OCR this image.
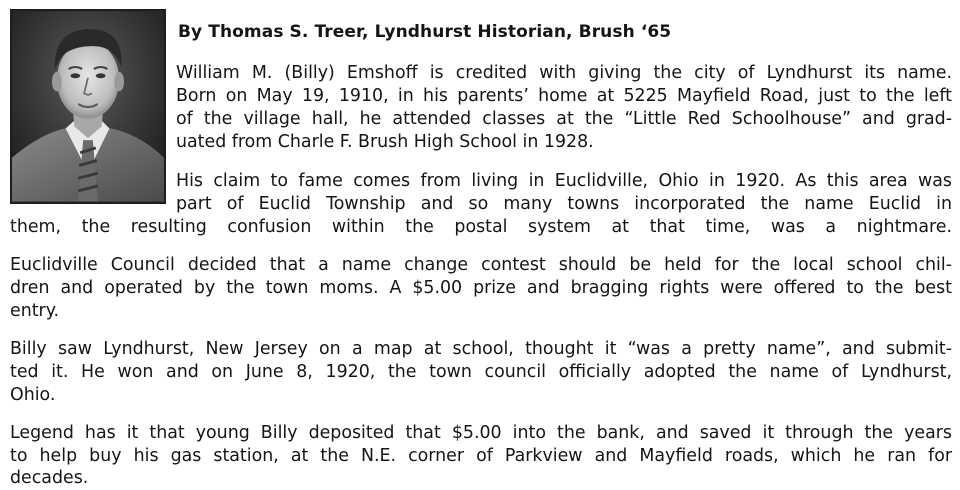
By Thomas S. Treer, Lyndhurst Historian, Brush ‘65
William M. (Billy) Emshoff is credited with giving the city of Lyndhurst its name.
Born on May 19, 1910, in his parents’ home at 5225 Mayfield Road, just to the left
of the village hall, he attended classes at the “Little Red Schoolhouse” and grad-
uated from Charle F. Brush High School in 1928.
His claim to fame comes from living in Euclidville, Ohio in 1920. As this area was
part of Euclid Township and so many towns incorporated the name Euclid in
them, the resulting confusion within the postal system at that time, was a nightmare.
Euclidville Council decided that a name change contest should be held for the local school chil-
dren and operated by the town moms. A $5.00 prize and bragging rights were offered to the best
entry.
Billy saw Lyndhurst, New Jersey on a map at school, thought it “was a pretty name”, and submit-
ted it. He won and on June 8, 1920, the town council officially adopted the name of Lyndhurst,
Ohio.
Legend has it that young Billy deposited that $5.00 into the bank, and saved it through the years
to help buy his gas station, at the N.E. corner of Parkview and Mayfield roads, which he ran for
decades.
